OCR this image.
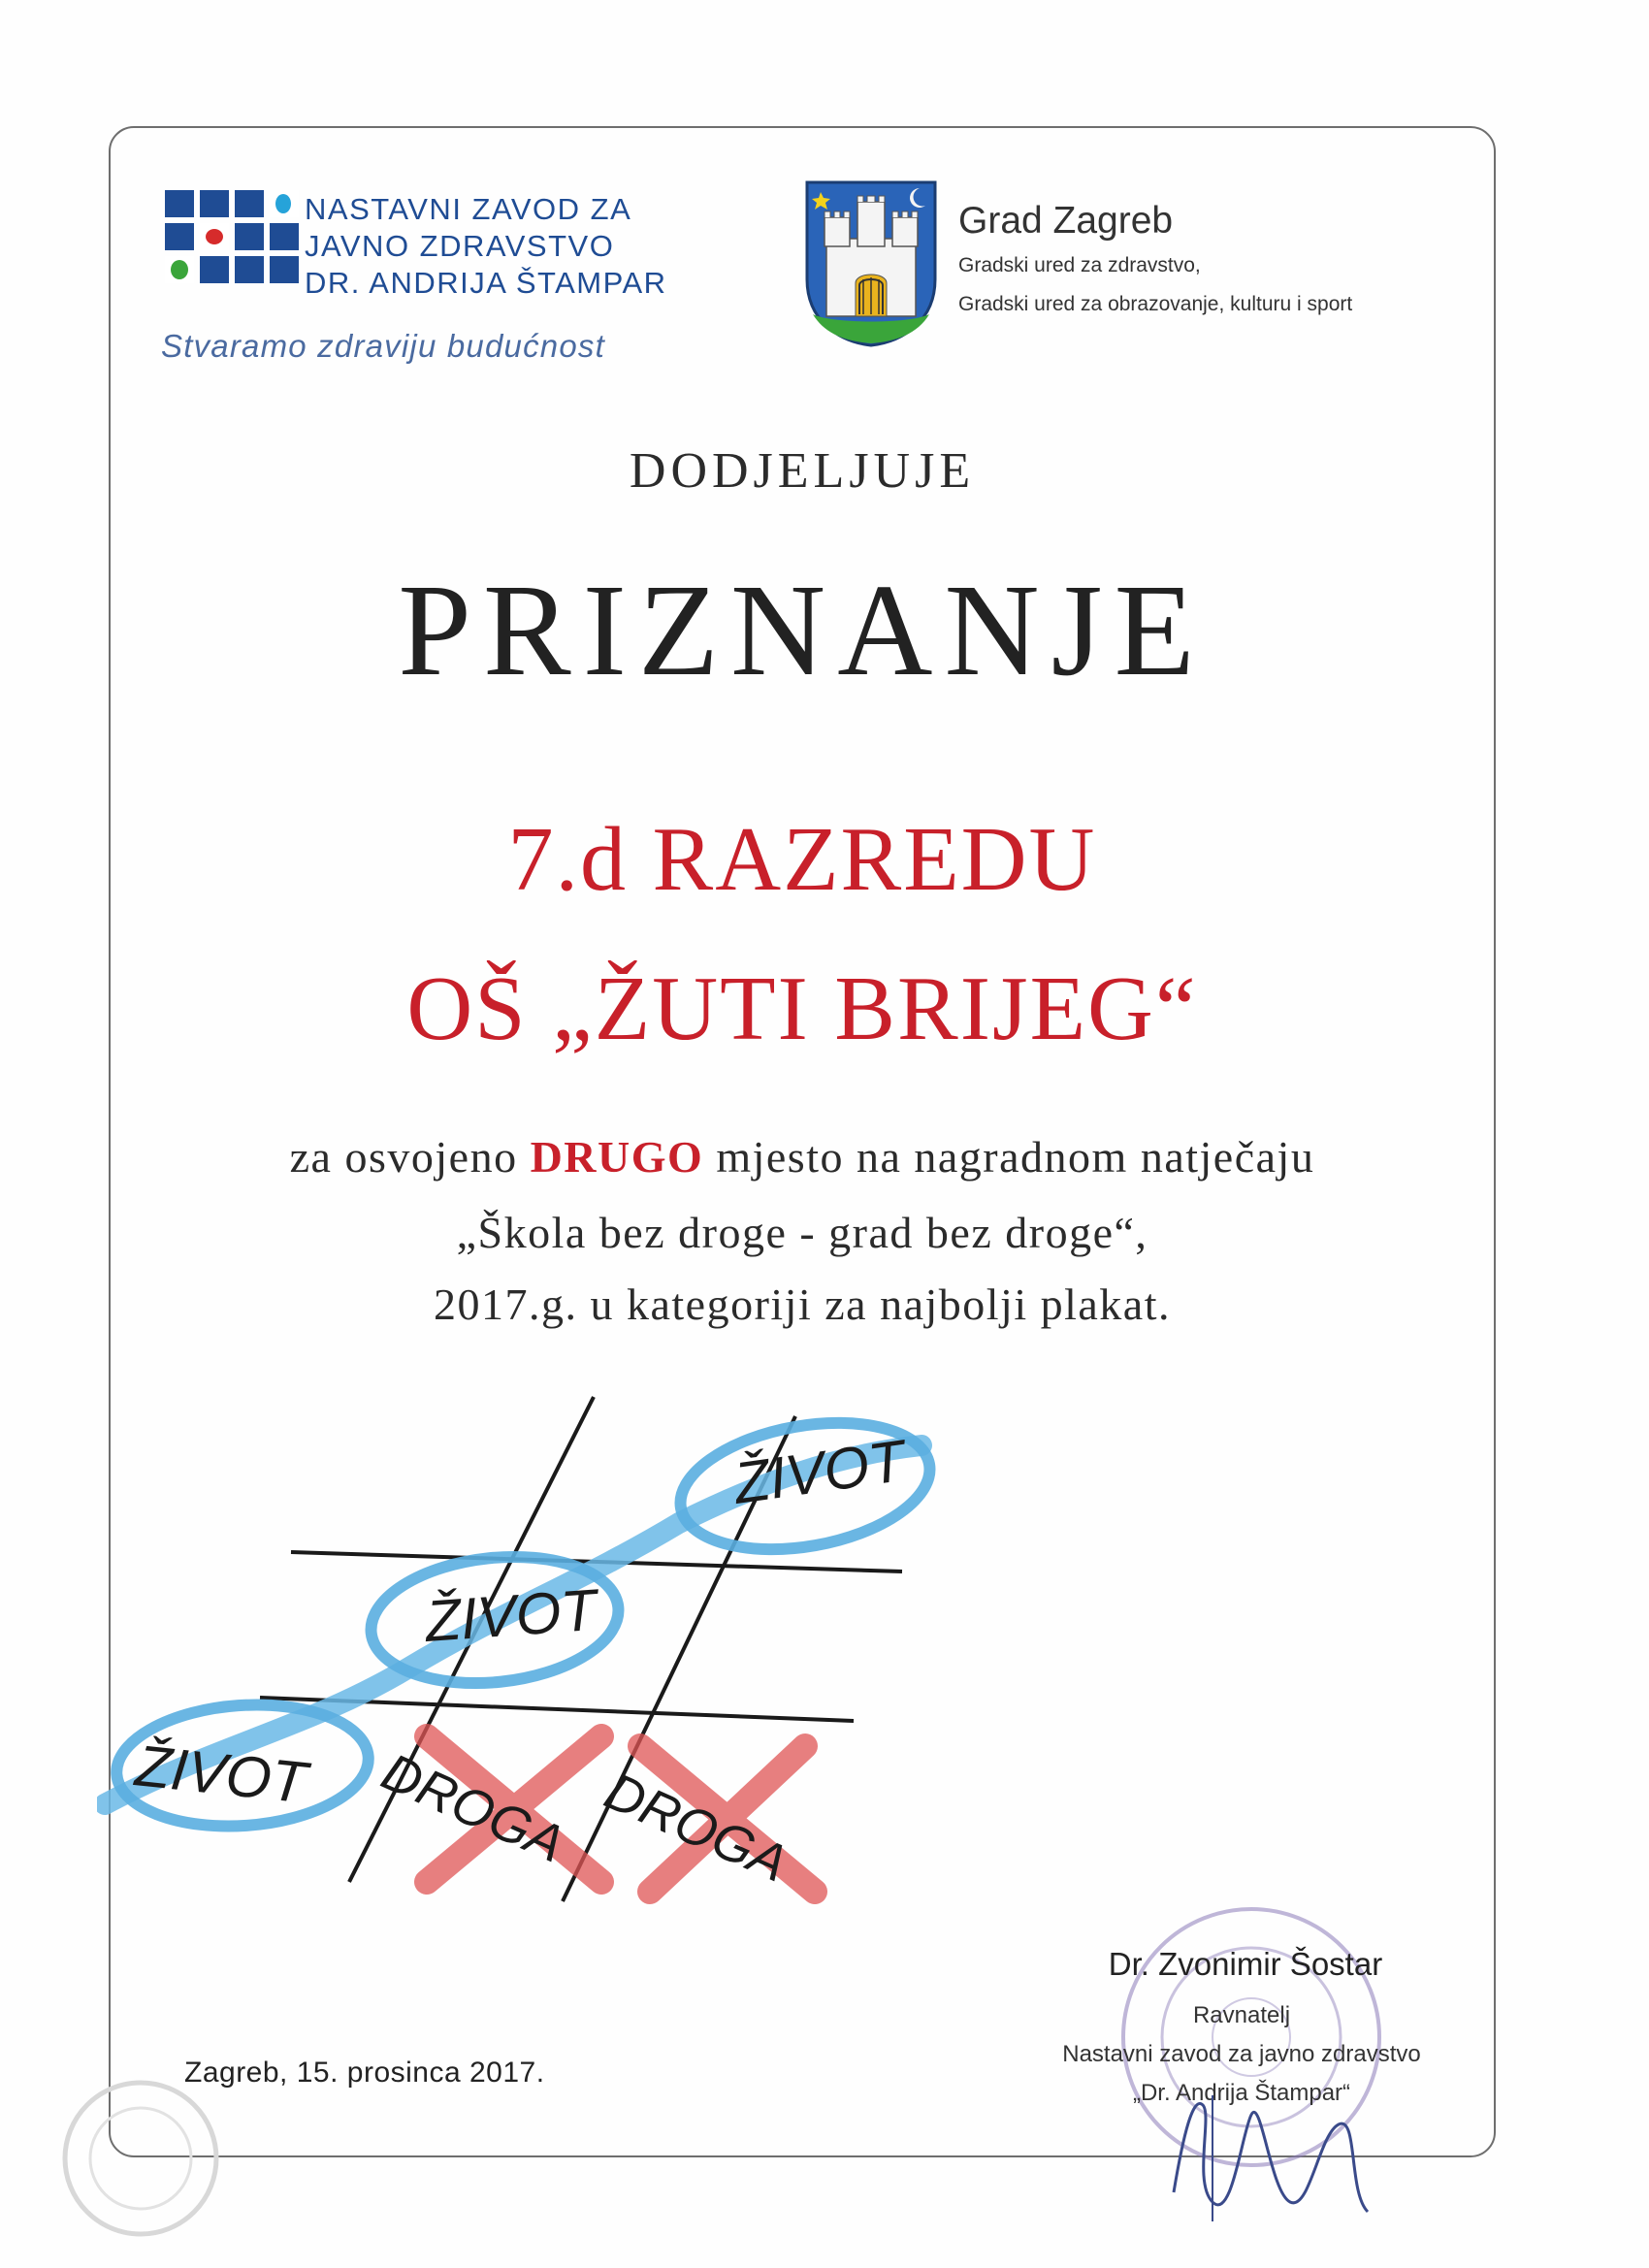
NASTAVNI ZAVOD ZA
JAVNO ZDRAVSTVO
DR. ANDRIJA ŠTAMPAR
Stvaramo zdraviju budućnost
Grad Zagreb
Gradski ured za zdravstvo,
Gradski ured za obrazovanje, kulturu i sport
DODJELJUJE
PRIZNANJE
7.d RAZREDU
OŠ „ŽUTI BRIJEG“
za osvojeno DRUGO mjesto na nagradnom natječaju
„Škola bez droge - grad bez droge“,
2017.g. u kategoriji za najbolji plakat.
ŽIVOT
ŽIVOT
ŽIVOT DROGA DROGA
Dr. Zvonimir Šostar
Ravnatelj
Nastavni zavod za javno zdravstvo
„Dr. Andrija Štampar“
Zagreb, 15. prosinca 2017.
